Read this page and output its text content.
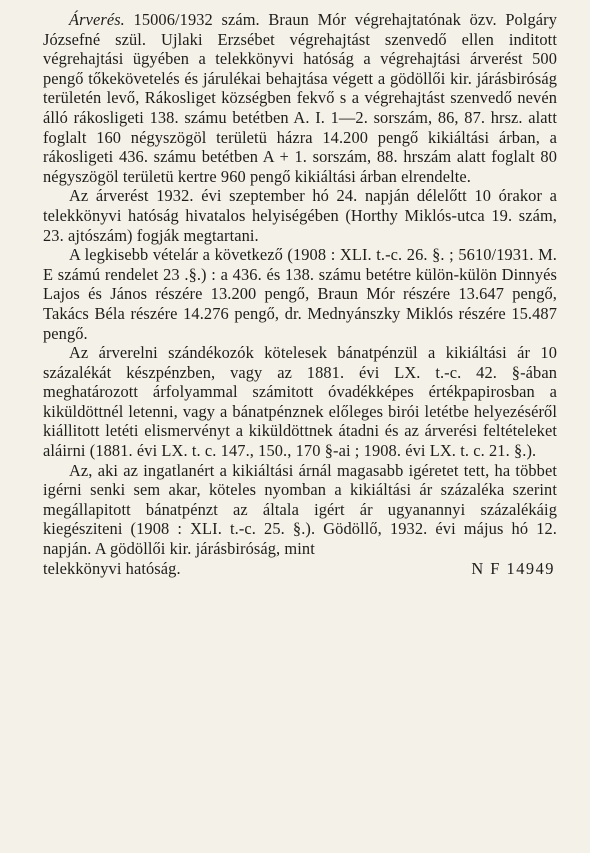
Árverés. 15006/1932 szám. Braun Mór végrehajtatónak özv. Polgáry Józsefné szül. Ujlaki Erzsébet végrehajtást szenvedő ellen inditott végrehajtási ügyében a telekkönyvi hatóság a végrehajtási árverést 500 pengő tőkekövetelés és járulékai behajtása végett a gödöllői kir. járásbiróság területén levő, Rákosliget községben fekvő s a végrehajtást szenvedő nevén álló rákosligeti 138. számu betétben A. I. 1—2. sorszám, 86, 87. hrsz. alatt foglalt 160 négyszögöl területü házra 14.200 pengő kikiáltási árban, a rákosligeti 436. számu betétben A + 1. sorszám, 88. hrszám alatt foglalt 80 négyszögöl területü kertre 960 pengő kikiáltási árban elrendelte.

Az árverést 1932. évi szeptember hó 24. napján délelőtt 10 órakor a telekkönyvi hatóság hivatalos helyiségében (Horthy Miklós-utca 19. szám, 23. ajtószám) fogják megtartani.

A legkisebb vételár a következő (1908 : XLI. t.-c. 26. §. ; 5610/1931. M. E számú rendelet 23 .§.) : a 436. és 138. számu betétre külön-külön Dinnyés Lajos és János részére 13.200 pengő, Braun Mór részére 13.647 pengő, Takács Béla részére 14.276 pengő, dr. Mednyánszky Miklós részére 15.487 pengő.

Az árverelni szándékozók kötelesek bánatpénzül a kikiáltási ár 10 százalékát készpénzben, vagy az 1881. évi LX. t.-c. 42. §-ában meghatározott árfolyammal számitott óvadékképes értékpapirosban a kiküldöttnél letenni, vagy a bánatpénznek előleges birói letétbe helyezéséről kiállitott letéti elismervényt a kiküldöttnek átadni és az árverési feltételeket aláirni (1881. évi LX. t. c. 147., 150., 170 §-ai ; 1908. évi LX. t. c. 21. §.).

Az, aki az ingatlanért a kikiáltási árnál magasabb igéretet tett, ha többet igérni senki sem akar, köteles nyomban a kikiáltási ár százaléka szerint megállapitott bánatpénzt az általa igért ár ugyanannyi százalékáig kiegésziteni (1908 : XLI. t.-c. 25. §.). Gödöllő, 1932. évi május hó 12. napján. A gödöllői kir. járásbiróság, mint

telekkönyvi hatóság.	N F 14949
